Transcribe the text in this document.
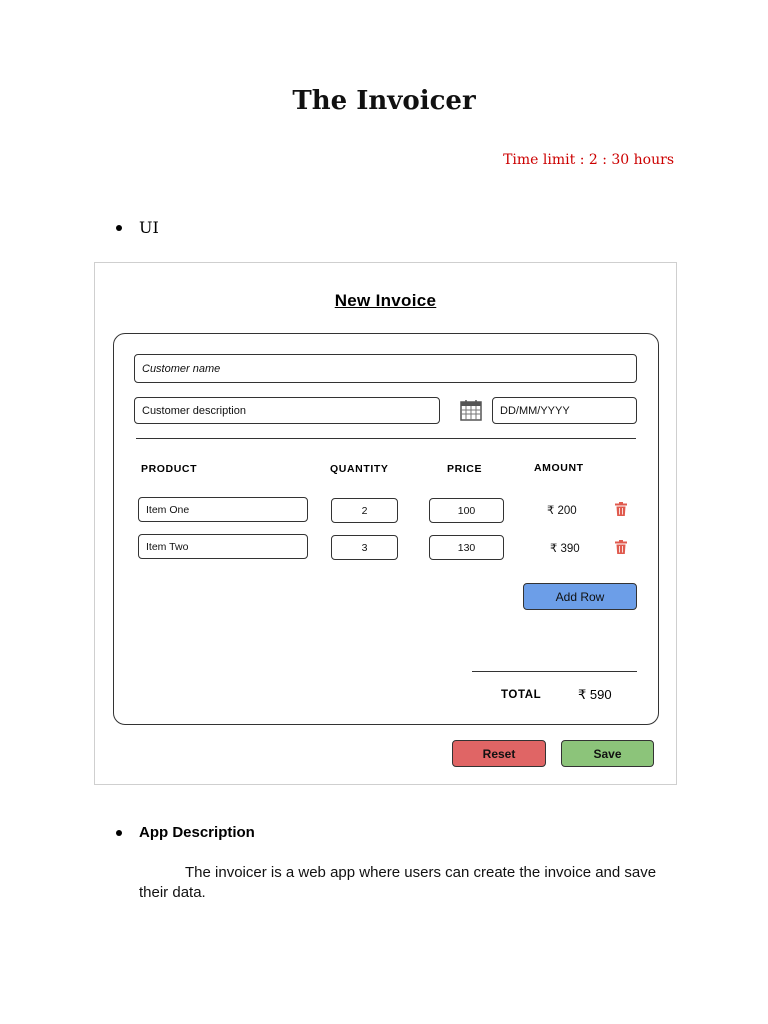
The Invoicer
Time limit : 2 : 30 hours
UI
New Invoice
Customer name
Customer description	DD/MM/YYYY
PRODUCT	QUANTITY	PRICE	AMOUNT
Item One	2	100	₹ 200
Item Two	3	130	₹ 390
Add Row
TOTAL	₹ 590
Reset	Save
App Description
The invoicer is a web app where users can create the invoice and save their data.
